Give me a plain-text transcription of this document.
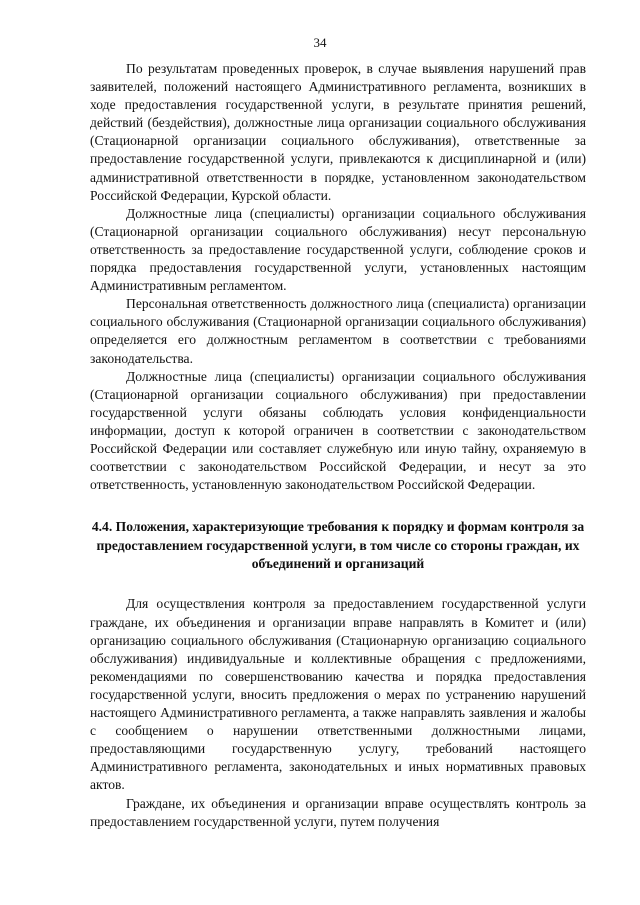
34

По результатам проведенных проверок, в случае выявления нарушений прав заявителей, положений настоящего Административного регламента, возникших в ходе предоставления государственной услуги, в результате принятия решений, действий (бездействия), должностные лица организации социального обслуживания (Стационарной организации социального обслуживания), ответственные за предоставление государственной услуги, привлекаются к дисциплинарной и (или) административной ответственности в порядке, установленном законодательством Российской Федерации, Курской области.

Должностные лица (специалисты) организации социального обслуживания (Стационарной организации социального обслуживания) несут персональную ответственность за предоставление государственной услуги, соблюдение сроков и порядка предоставления государственной услуги, установленных настоящим Административным регламентом.

Персональная ответственность должностного лица (специалиста) организации социального обслуживания (Стационарной организации социального обслуживания) определяется его должностным регламентом в соответствии с требованиями законодательства.

Должностные лица (специалисты) организации социального обслуживания (Стационарной организации социального обслуживания) при предоставлении государственной услуги обязаны соблюдать условия конфиденциальности информации, доступ к которой ограничен в соответствии с законодательством Российской Федерации или составляет служебную или иную тайну, охраняемую в соответствии с законодательством Российской Федерации, и несут за это ответственность, установленную законодательством Российской Федерации.

4.4. Положения, характеризующие требования к порядку и формам контроля за предоставлением государственной услуги, в том числе со стороны граждан, их объединений и организаций

Для осуществления контроля за предоставлением государственной услуги граждане, их объединения и организации вправе направлять в Комитет и (или) организацию социального обслуживания (Стационарную организацию социального обслуживания) индивидуальные и коллективные обращения с предложениями, рекомендациями по совершенствованию качества и порядка предоставления государственной услуги, вносить предложения о мерах по устранению нарушений настоящего Административного регламента, а также направлять заявления и жалобы с сообщением о нарушении ответственными должностными лицами, предоставляющими государственную услугу, требований настоящего Административного регламента, законодательных и иных нормативных правовых актов.

Граждане, их объединения и организации вправе осуществлять контроль за предоставлением государственной услуги, путем получения
